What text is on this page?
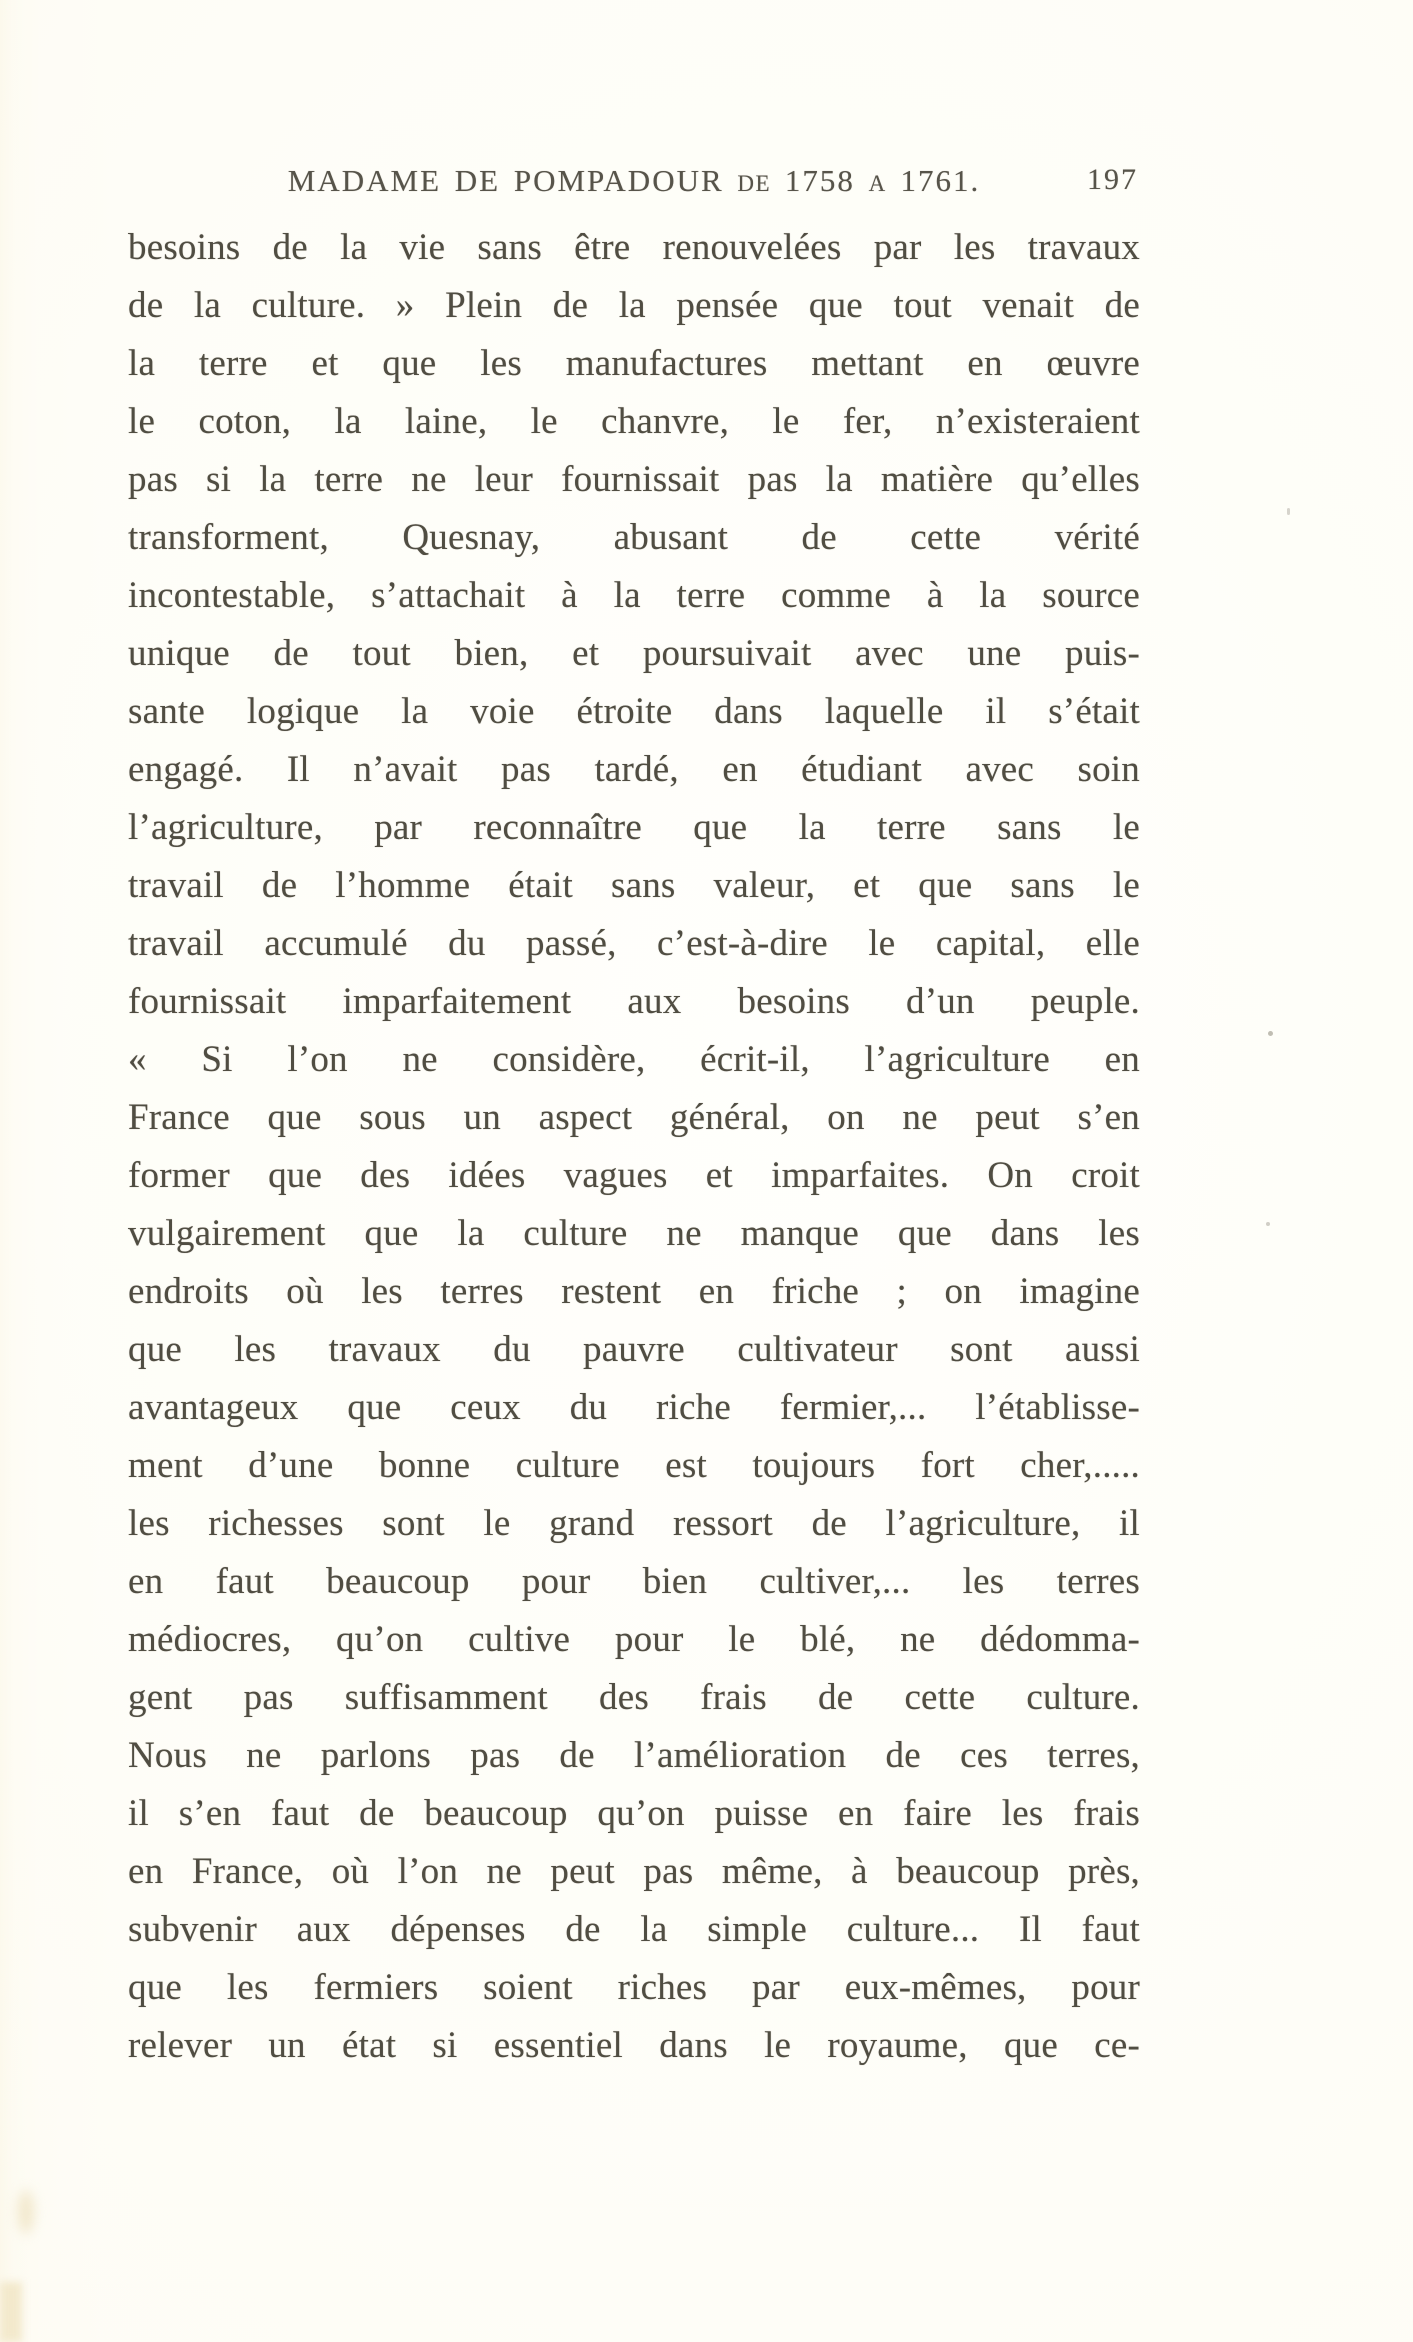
MADAME DE POMPADOUR DE 1758 A 1761.	197
besoins de la vie sans être renouvelées par les travaux
de la culture. » Plein de la pensée que tout venait de
la terre et que les manufactures mettant en œuvre
le coton, la laine, le chanvre, le fer, n’existeraient
pas si la terre ne leur fournissait pas la matière qu’elles
transforment, Quesnay, abusant de cette vérité
incontestable, s’attachait à la terre comme à la source
unique de tout bien, et poursuivait avec une puis-
sante logique la voie étroite dans laquelle il s’était
engagé. Il n’avait pas tardé, en étudiant avec soin
l’agriculture, par reconnaître que la terre sans le
travail de l’homme était sans valeur, et que sans le
travail accumulé du passé, c’est-à-dire le capital, elle
fournissait imparfaitement aux besoins d’un peuple.
« Si l’on ne considère, écrit-il, l’agriculture en
France que sous un aspect général, on ne peut s’en
former que des idées vagues et imparfaites. On croit
vulgairement que la culture ne manque que dans les
endroits où les terres restent en friche ; on imagine
que les travaux du pauvre cultivateur sont aussi
avantageux que ceux du riche fermier,... l’établisse-
ment d’une bonne culture est toujours fort cher,.....
les richesses sont le grand ressort de l’agriculture, il
en faut beaucoup pour bien cultiver,... les terres
médiocres, qu’on cultive pour le blé, ne dédomma-
gent pas suffisamment des frais de cette culture.
Nous ne parlons pas de l’amélioration de ces terres,
il s’en faut de beaucoup qu’on puisse en faire les frais
en France, où l’on ne peut pas même, à beaucoup près,
subvenir aux dépenses de la simple culture... Il faut
que les fermiers soient riches par eux-mêmes, pour
relever un état si essentiel dans le royaume, que ce-
